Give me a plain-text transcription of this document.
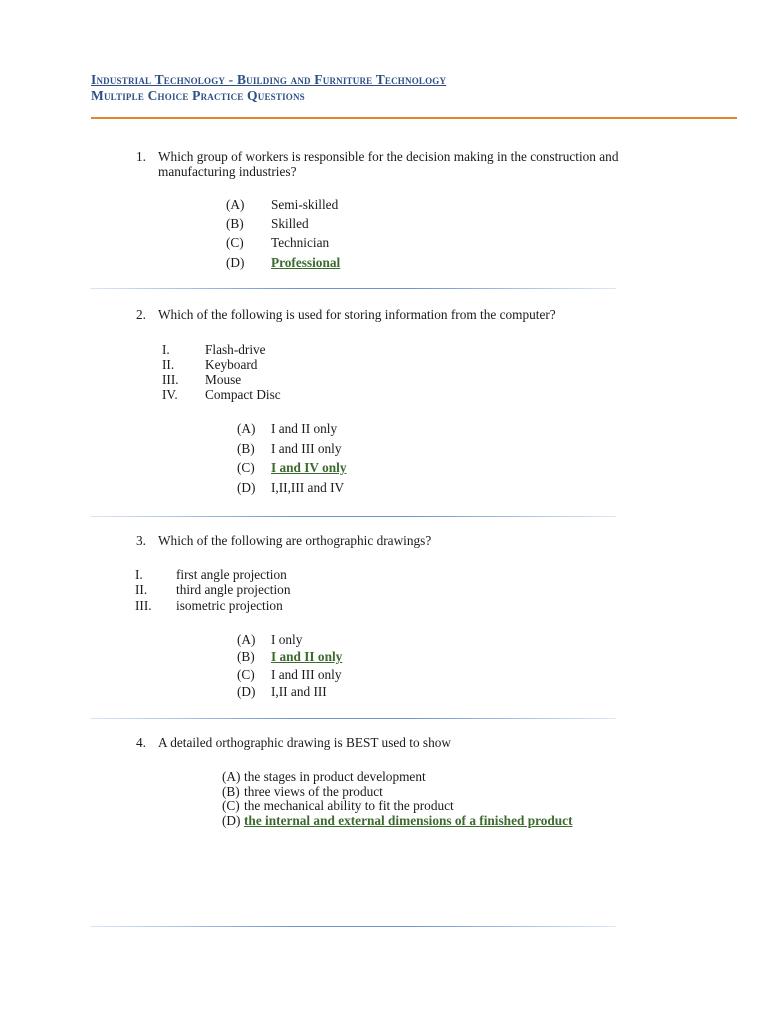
Industrial Technology - Building and Furniture Technology
Multiple Choice Practice Questions
1. Which group of workers is responsible for the decision making in the construction and manufacturing industries?
(A) Semi-skilled
(B) Skilled
(C) Technician
(D) Professional
2. Which of the following is used for storing information from the computer?
I.	Flash-drive
II. Keyboard
III. Mouse
IV. Compact Disc
(A) I and II only
(B) I and III only
(C) I and IV only
(D) I,II,III and IV
3. Which of the following are orthographic drawings?
I. first angle projection
II. third angle projection
III. isometric projection
(A) I only
(B) I and II only
(C) I and III only
(D) I,II and III
4. A detailed orthographic drawing is BEST used to show
(A) the stages in product development
(B) three views of the product
(C) the mechanical ability to fit the product
(D) the internal and external dimensions of a finished product
